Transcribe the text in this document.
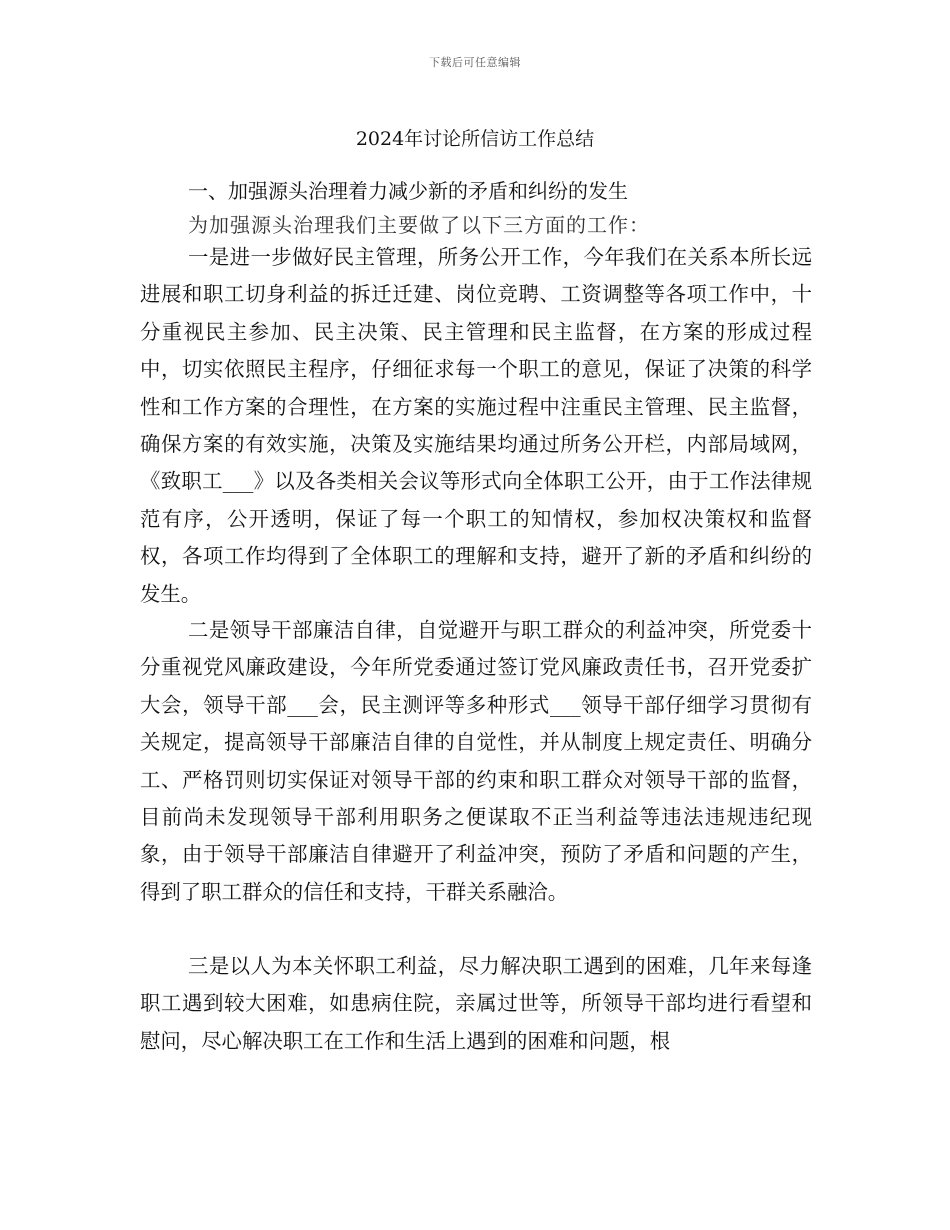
下载后可任意编辑
2024年讨论所信访工作总结
一、加强源头治理着力减少新的矛盾和纠纷的发生
为加强源头治理我们主要做了以下三方面的工作：

一是进一步做好民主管理，所务公开工作，今年我们在关系本所长远进展和职工切身利益的拆迁迁建、岗位竞聘、工资调整等各项工作中，十分重视民主参加、民主决策、民主管理和民主监督，在方案的形成过程中，切实依照民主程序，仔细征求每一个职工的意见，保证了决策的科学性和工作方案的合理性，在方案的实施过程中注重民主管理、民主监督，确保方案的有效实施，决策及实施结果均通过所务公开栏，内部局域网，《致职工___》以及各类相关会议等形式向全体职工公开，由于工作法律规范有序，公开透明，保证了每一个职工的知情权，参加权决策权和监督权，各项工作均得到了全体职工的理解和支持，避开了新的矛盾和纠纷的发生。

二是领导干部廉洁自律，自觉避开与职工群众的利益冲突，所党委十分重视党风廉政建设，今年所党委通过签订党风廉政责任书，召开党委扩大会，领导干部___会，民主测评等多种形式___领导干部仔细学习贯彻有关规定，提高领导干部廉洁自律的自觉性，并从制度上规定责任、明确分工、严格罚则切实保证对领导干部的约束和职工群众对领导干部的监督，目前尚未发现领导干部利用职务之便谋取不正当利益等违法违规违纪现象，由于领导干部廉洁自律避开了利益冲突，预防了矛盾和问题的产生，得到了职工群众的信任和支持，干群关系融洽。

三是以人为本关怀职工利益，尽力解决职工遇到的困难，几年来每逢职工遇到较大困难，如患病住院，亲属过世等，所领导干部均进行看望和慰问，尽心解决职工在工作和生活上遇到的困难和问题，根
